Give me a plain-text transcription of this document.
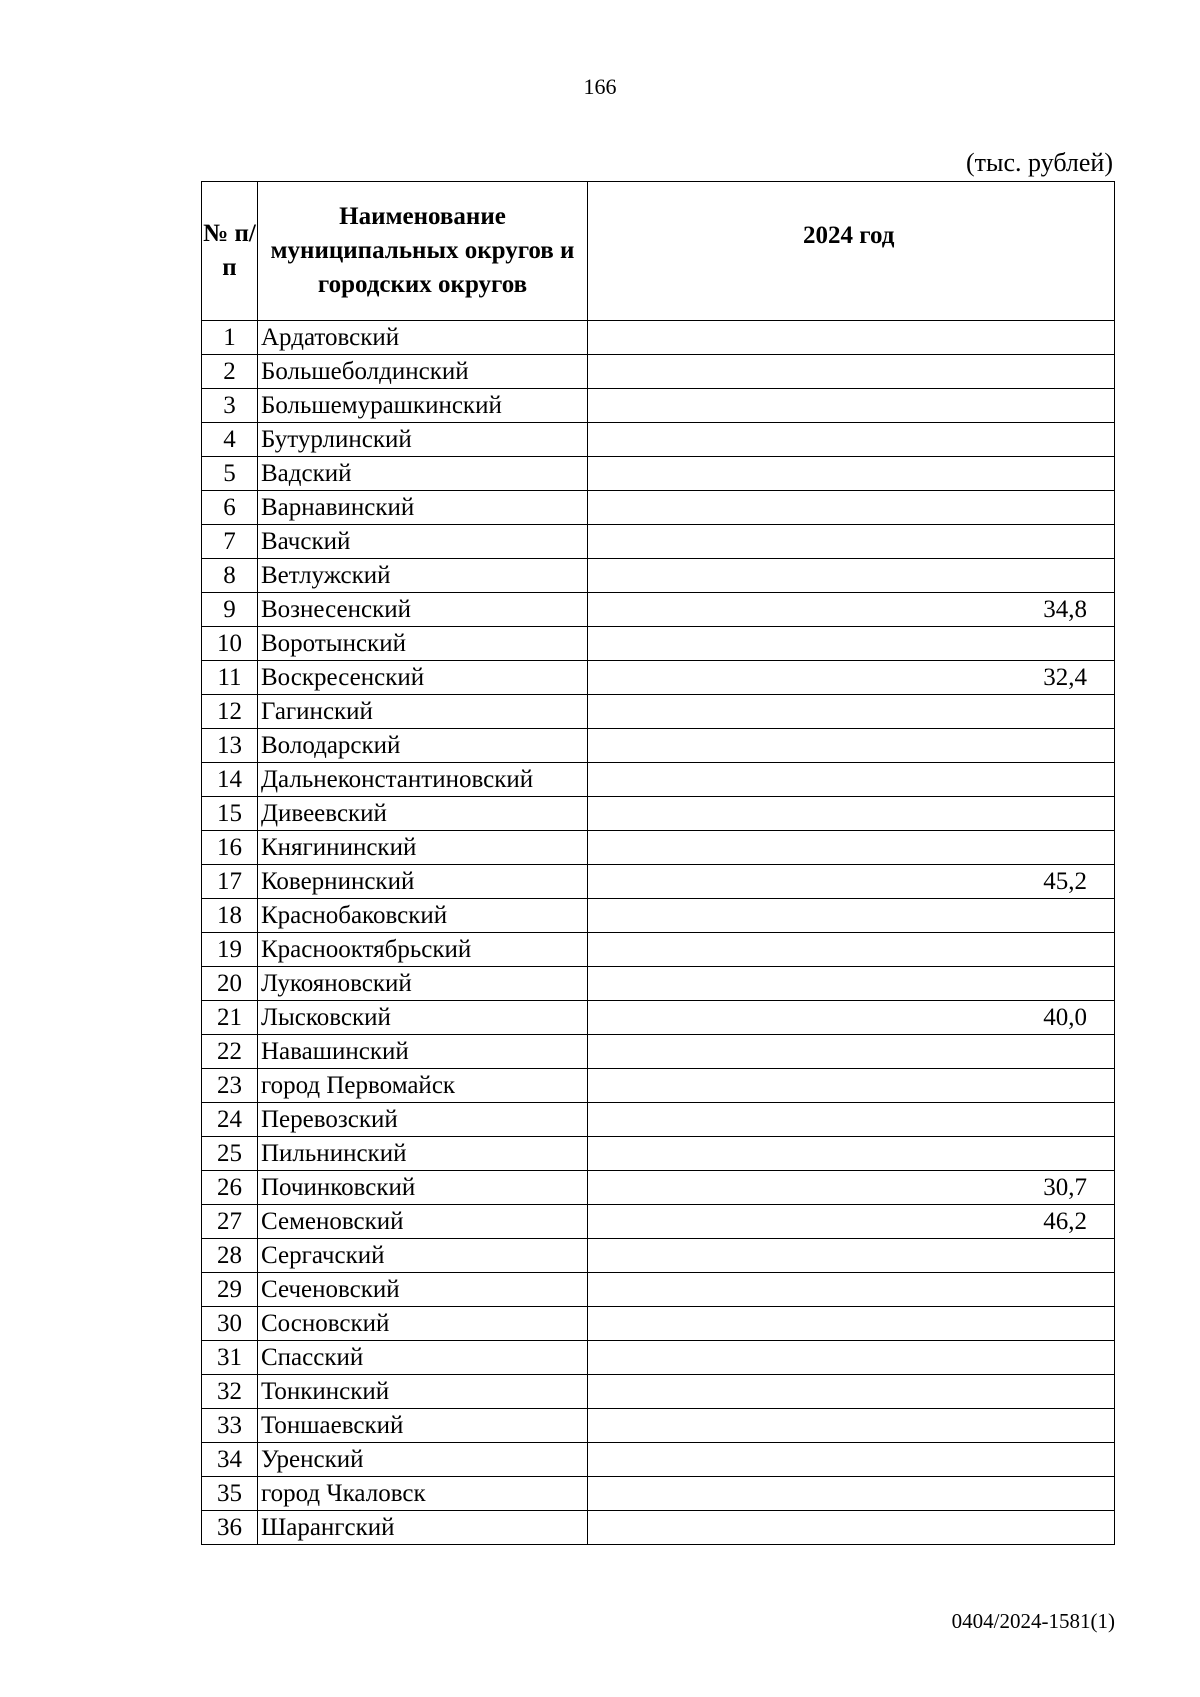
166
(тыс. рублей)
№ п/п	Наименование муниципальных округов и городских округов	2024 год
1	Ардатовский	
2	Большеболдинский	
3	Большемурашкинский	
4	Бутурлинский	
5	Вадский	
6	Варнавинский	
7	Вачский	
8	Ветлужский	
9	Вознесенский	34,8
10	Воротынский	
11	Воскресенский	32,4
12	Гагинский	
13	Володарский	
14	Дальнеконстантиновский	
15	Дивеевский	
16	Княгининский	
17	Ковернинский	45,2
18	Краснобаковский	
19	Краснооктябрьский	
20	Лукояновский	
21	Лысковский	40,0
22	Навашинский	
23	город Первомайск	
24	Перевозский	
25	Пильнинский	
26	Починковский	30,7
27	Семеновский	46,2
28	Сергачский	
29	Сеченовский	
30	Сосновский	
31	Спасский	
32	Тонкинский	
33	Тоншаевский	
34	Уренский	
35	город Чкаловск	
36	Шарангский	
0404/2024-1581(1)
